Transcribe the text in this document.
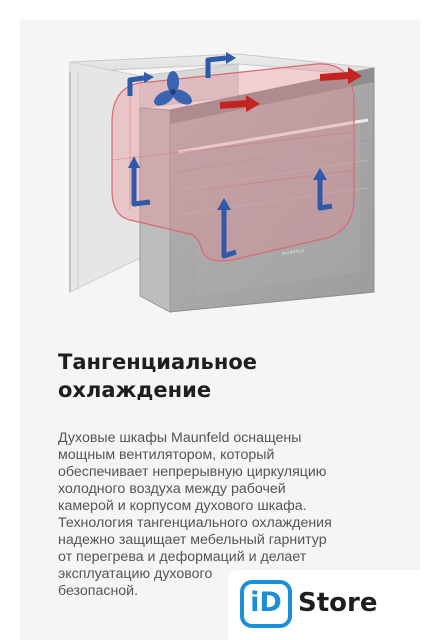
MAUNFELD
Тангенциальное
охлаждение

Духовые шкафы Maunfeld оснащены
мощным вентилятором, который
обеспечивает непрерывную циркуляцию
холодного воздуха между рабочей
камерой и корпусом духового шкафа.
Технология тангенциального охлаждения
надежно защищает мебельный гарнитур
от перегрева и деформаций и делает
эксплуатацию духового
безопасной.	iD Store
